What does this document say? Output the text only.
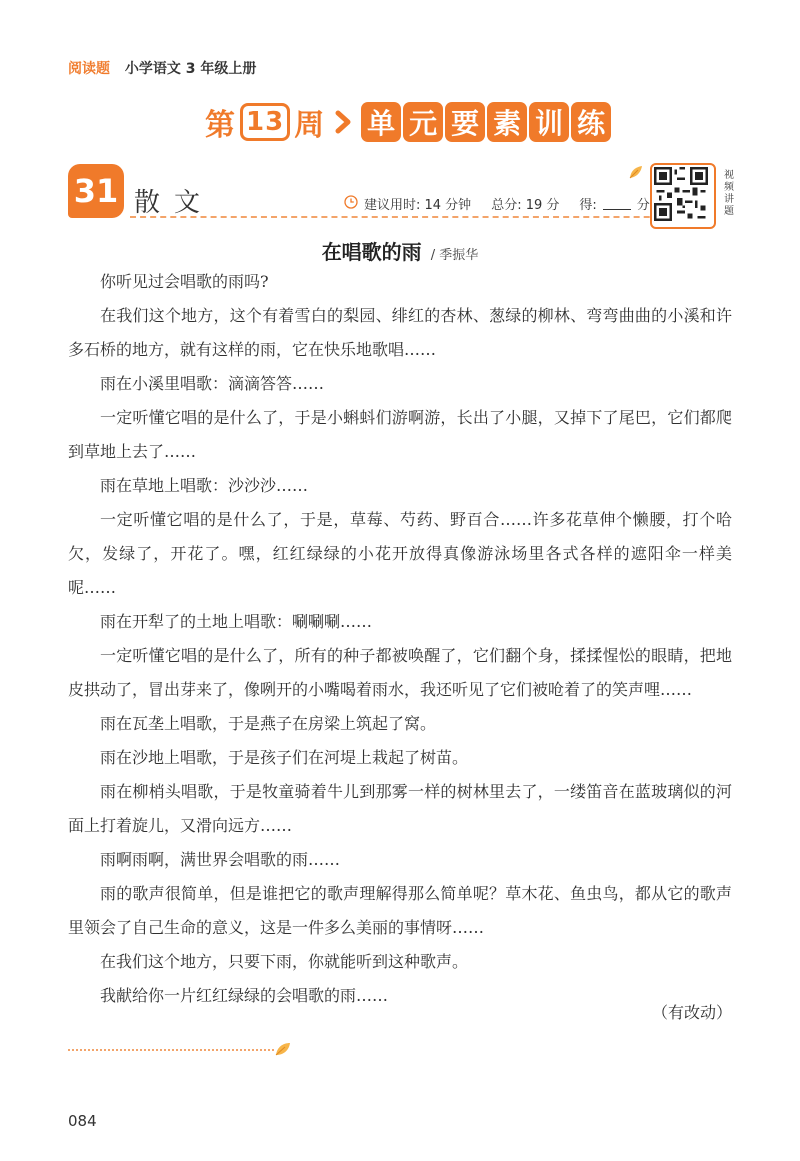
阅读题 小学语文 3 年级上册
第 13 周 单 元 要 素 训 练
31 散文	建议用时: 14 分钟 总分: 19 分 得:	分
视频讲题
在唱歌的雨 / 季振华

你听见过会唱歌的雨吗?

在我们这个地方，这个有着雪白的梨园、绯红的杏林、葱绿的柳林、弯弯曲曲的小溪和许多石桥的地方，就有这样的雨，它在快乐地歌唱……

雨在小溪里唱歌：滴滴答答……

一定听懂它唱的是什么了，于是小蝌蚪们游啊游，长出了小腿，又掉下了尾巴，它们都爬到草地上去了……

雨在草地上唱歌：沙沙沙……

一定听懂它唱的是什么了，于是，草莓、芍药、野百合……许多花草伸个懒腰，打个哈欠，发绿了，开花了。嘿，红红绿绿的小花开放得真像游泳场里各式各样的遮阳伞一样美呢……

雨在开犁了的土地上唱歌：唰唰唰……

一定听懂它唱的是什么了，所有的种子都被唤醒了，它们翻个身，揉揉惺忪的眼睛，把地皮拱动了，冒出芽来了，像咧开的小嘴喝着雨水，我还听见了它们被呛着了的笑声哩……

雨在瓦垄上唱歌，于是燕子在房梁上筑起了窝。

雨在沙地上唱歌，于是孩子们在河堤上栽起了树苗。

雨在柳梢头唱歌，于是牧童骑着牛儿到那雾一样的树林里去了，一缕笛音在蓝玻璃似的河面上打着旋儿，又滑向远方……

雨啊雨啊，满世界会唱歌的雨……

雨的歌声很简单，但是谁把它的歌声理解得那么简单呢？草木花、鱼虫鸟，都从它的歌声里领会了自己生命的意义，这是一件多么美丽的事情呀……

在我们这个地方，只要下雨，你就能听到这种歌声。

我献给你一片红红绿绿的会唱歌的雨……

（有改动）
084
